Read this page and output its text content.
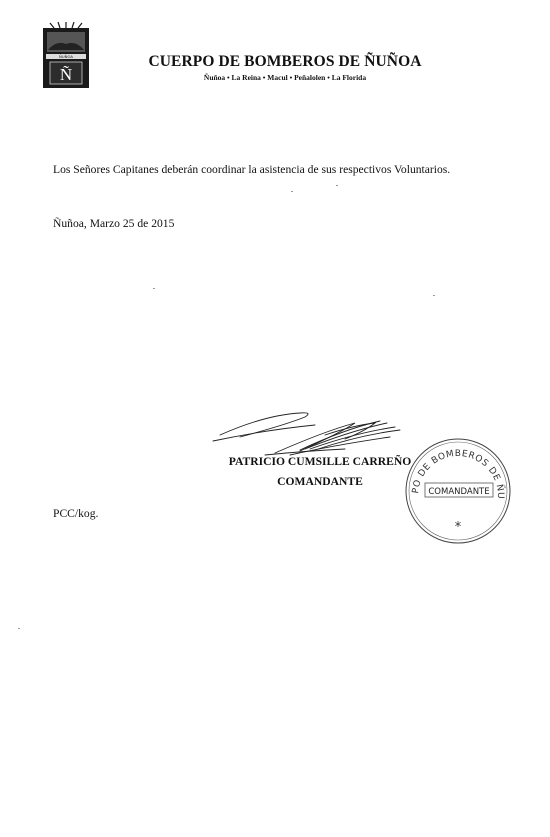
ÑUÑOA
Ñ
CUERPO DE BOMBEROS DE ÑUÑOA
Ñuñoa • La Reina • Macul • Peñalolen • La Florida
Los Señores Capitanes deberán coordinar la asistencia de sus respectivos Voluntarios.
Ñuñoa, Marzo 25 de 2015
PATRICIO CUMSILLE CARREÑO
COMANDANTE
PO DE BOMBEROS DE ÑU
COMANDANTE
*
PCC/kog.
